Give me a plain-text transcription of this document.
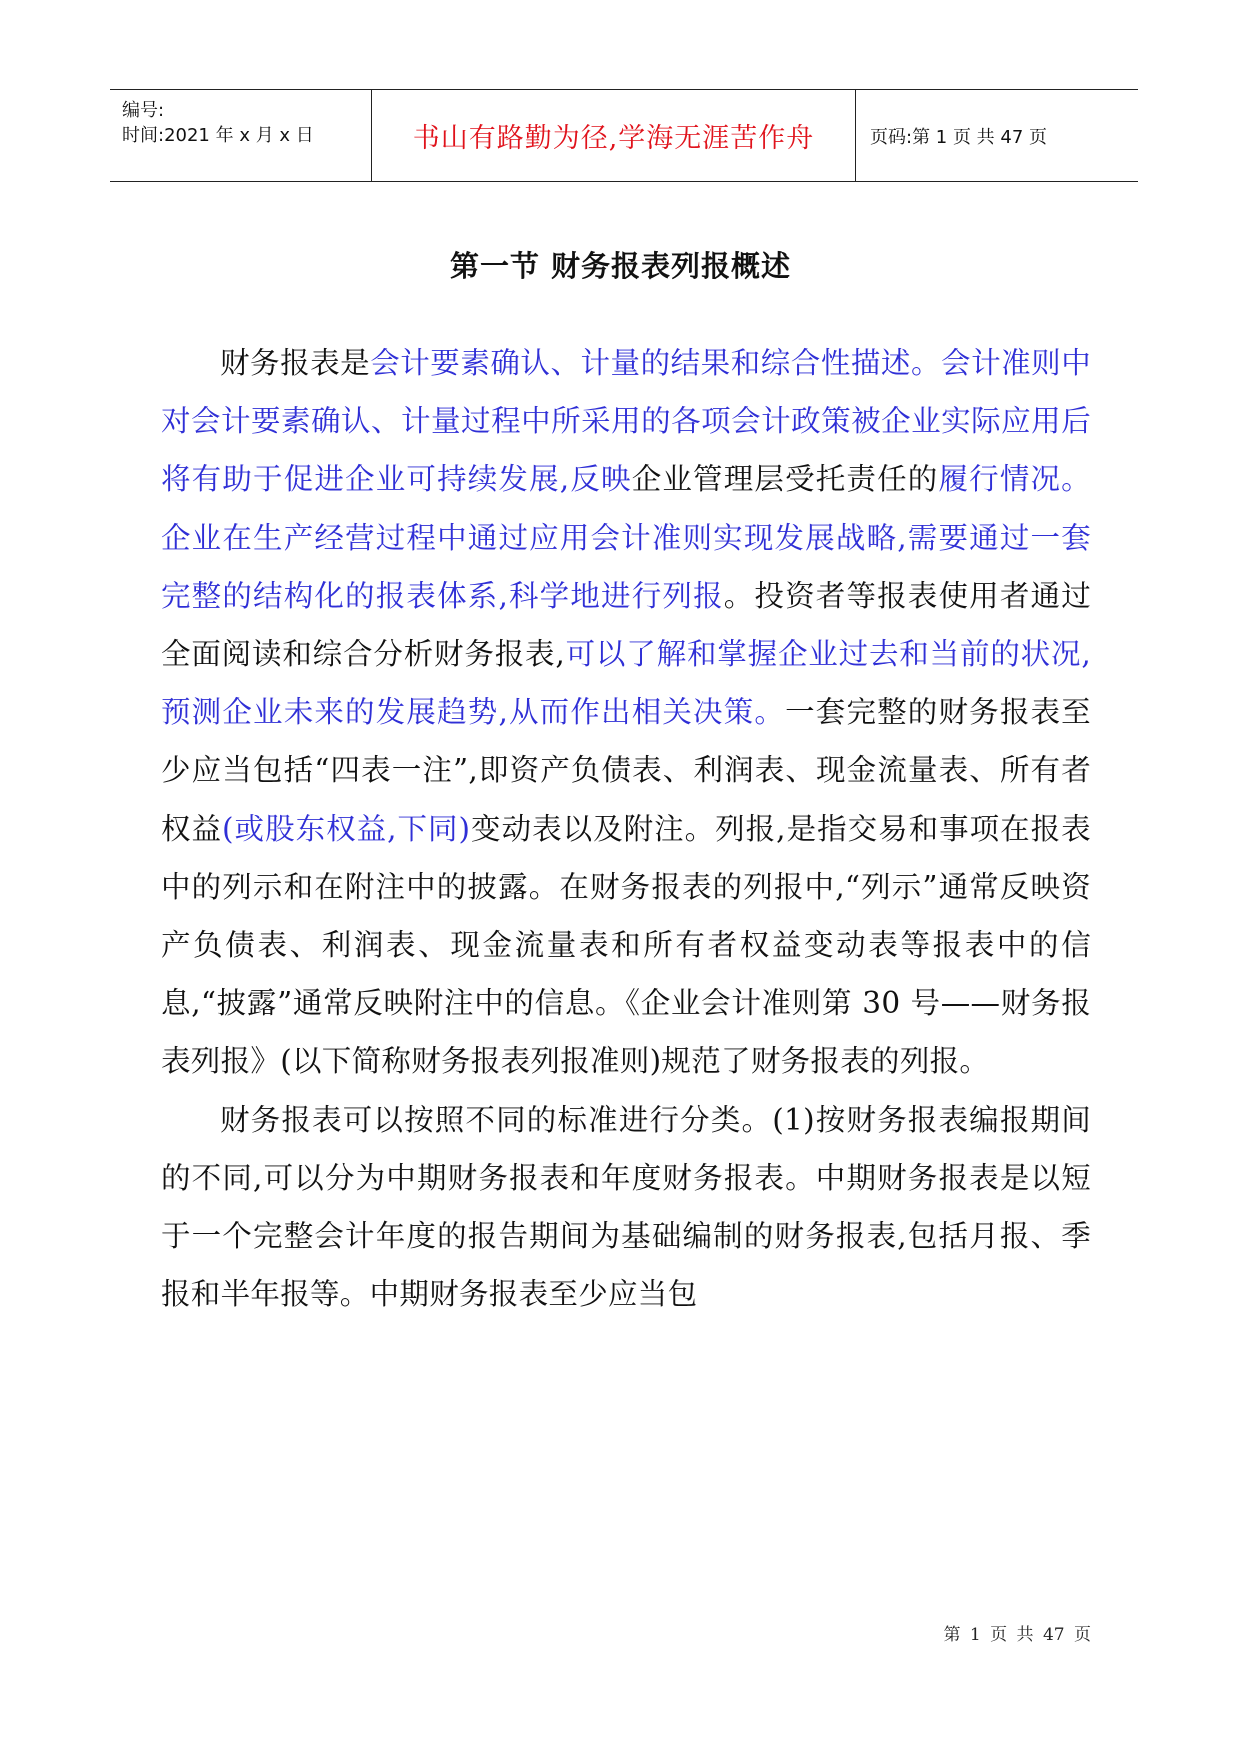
编号:
时间:2021 年 x 月 x 日	书山有路勤为径,学海无涯苦作舟	页码:第 1 页 共 47 页
第一节 财务报表列报概述

财务报表是会计要素确认、计量的结果和综合性描述。会计准则中对会计要素确认、计量过程中所采用的各项会计政策被企业实际应用后将有助于促进企业可持续发展,反映企业管理层受托责任的履行情况。企业在生产经营过程中通过应用会计准则实现发展战略,需要通过一套完整的结构化的报表体系,科学地进行列报。投资者等报表使用者通过全面阅读和综合分析财务报表,可以了解和掌握企业过去和当前的状况,预测企业未来的发展趋势,从而作出相关决策。一套完整的财务报表至少应当包括“四表一注”,即资产负债表、利润表、现金流量表、所有者权益(或股东权益,下同)变动表以及附注。列报,是指交易和事项在报表中的列示和在附注中的披露。在财务报表的列报中,“列示”通常反映资产负债表、利润表、现金流量表和所有者权益变动表等报表中的信息,“披露”通常反映附注中的信息。《企业会计准则第 30 号——财务报表列报》(以下简称财务报表列报准则)规范了财务报表的列报。

财务报表可以按照不同的标准进行分类。(1)按财务报表编报期间的不同,可以分为中期财务报表和年度财务报表。中期财务报表是以短于一个完整会计年度的报告期间为基础编制的财务报表,包括月报、季报和半年报等。中期财务报表至少应当包

第 1 页 共 47 页
